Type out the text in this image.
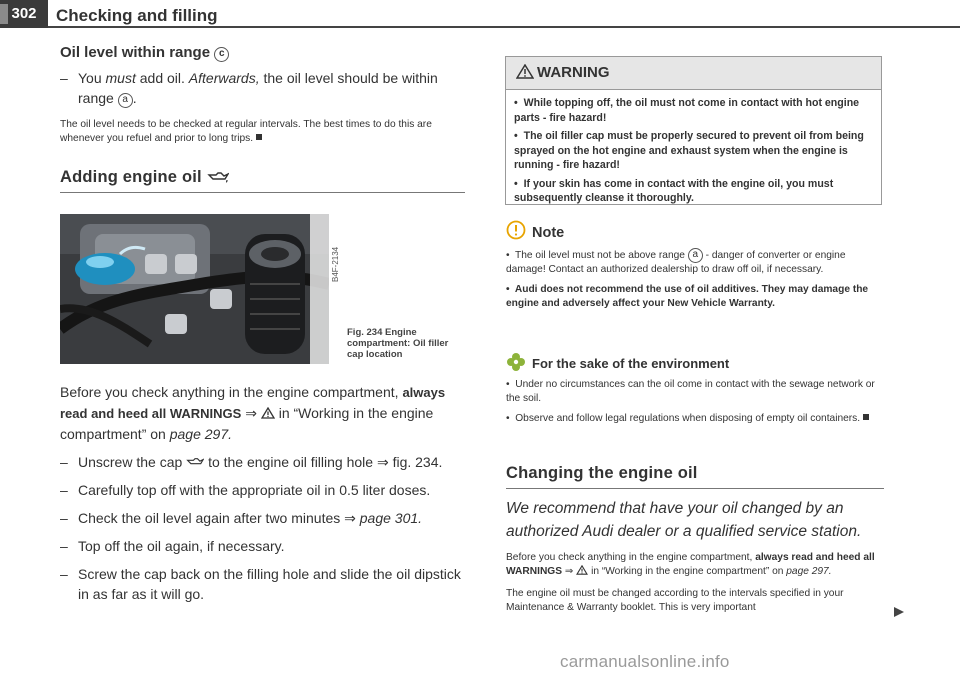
302	Checking and filling
Oil level within range c
– You must add oil. Afterwards, the oil level should be within range a .
The oil level needs to be checked at regular intervals. The best times to do this are whenever you refuel and prior to long trips.
Adding engine oil
B4F-2134
Fig. 234 Engine compartment: Oil filler cap location
Before you check anything in the engine compartment, always read and heed all WARNINGS ⇒  in “Working in the engine compartment” on page 297.
– Unscrew the cap to the engine oil filling hole ⇒ fig. 234.
– Carefully top off with the appropriate oil in 0.5 liter doses.
– Check the oil level again after two minutes ⇒ page 301.
– Top off the oil again, if necessary.
– Screw the cap back on the filling hole and slide the oil dipstick in as far as it will go.
WARNING

•  While topping off, the oil must not come in contact with hot engine parts - fire hazard!

•  The oil filler cap must be properly secured to prevent oil from being sprayed on the hot engine and exhaust system when the engine is running - fire hazard!

•  If your skin has come in contact with the engine oil, you must subsequently cleanse it thoroughly.

Note

•  The oil level must not be above range a - danger of converter or engine damage! Contact an authorized dealership to draw off oil, if necessary.

•  Audi does not recommend the use of oil additives. They may damage the engine and adversely affect your New Vehicle Warranty.

For the sake of the environment

•  Under no circumstances can the oil come in contact with the sewage network or the soil.

•  Observe and follow legal regulations when disposing of empty oil containers.

Changing the engine oil
We recommend that have your oil changed by an authorized Audi dealer or a qualified service station.
Before you check anything in the engine compartment, always read and heed all WARNINGS ⇒  in “Working in the engine compartment” on page 297.
The engine oil must be changed according to the intervals specified in your Maintenance & Warranty booklet. This is very important
carmanualsonline.info
